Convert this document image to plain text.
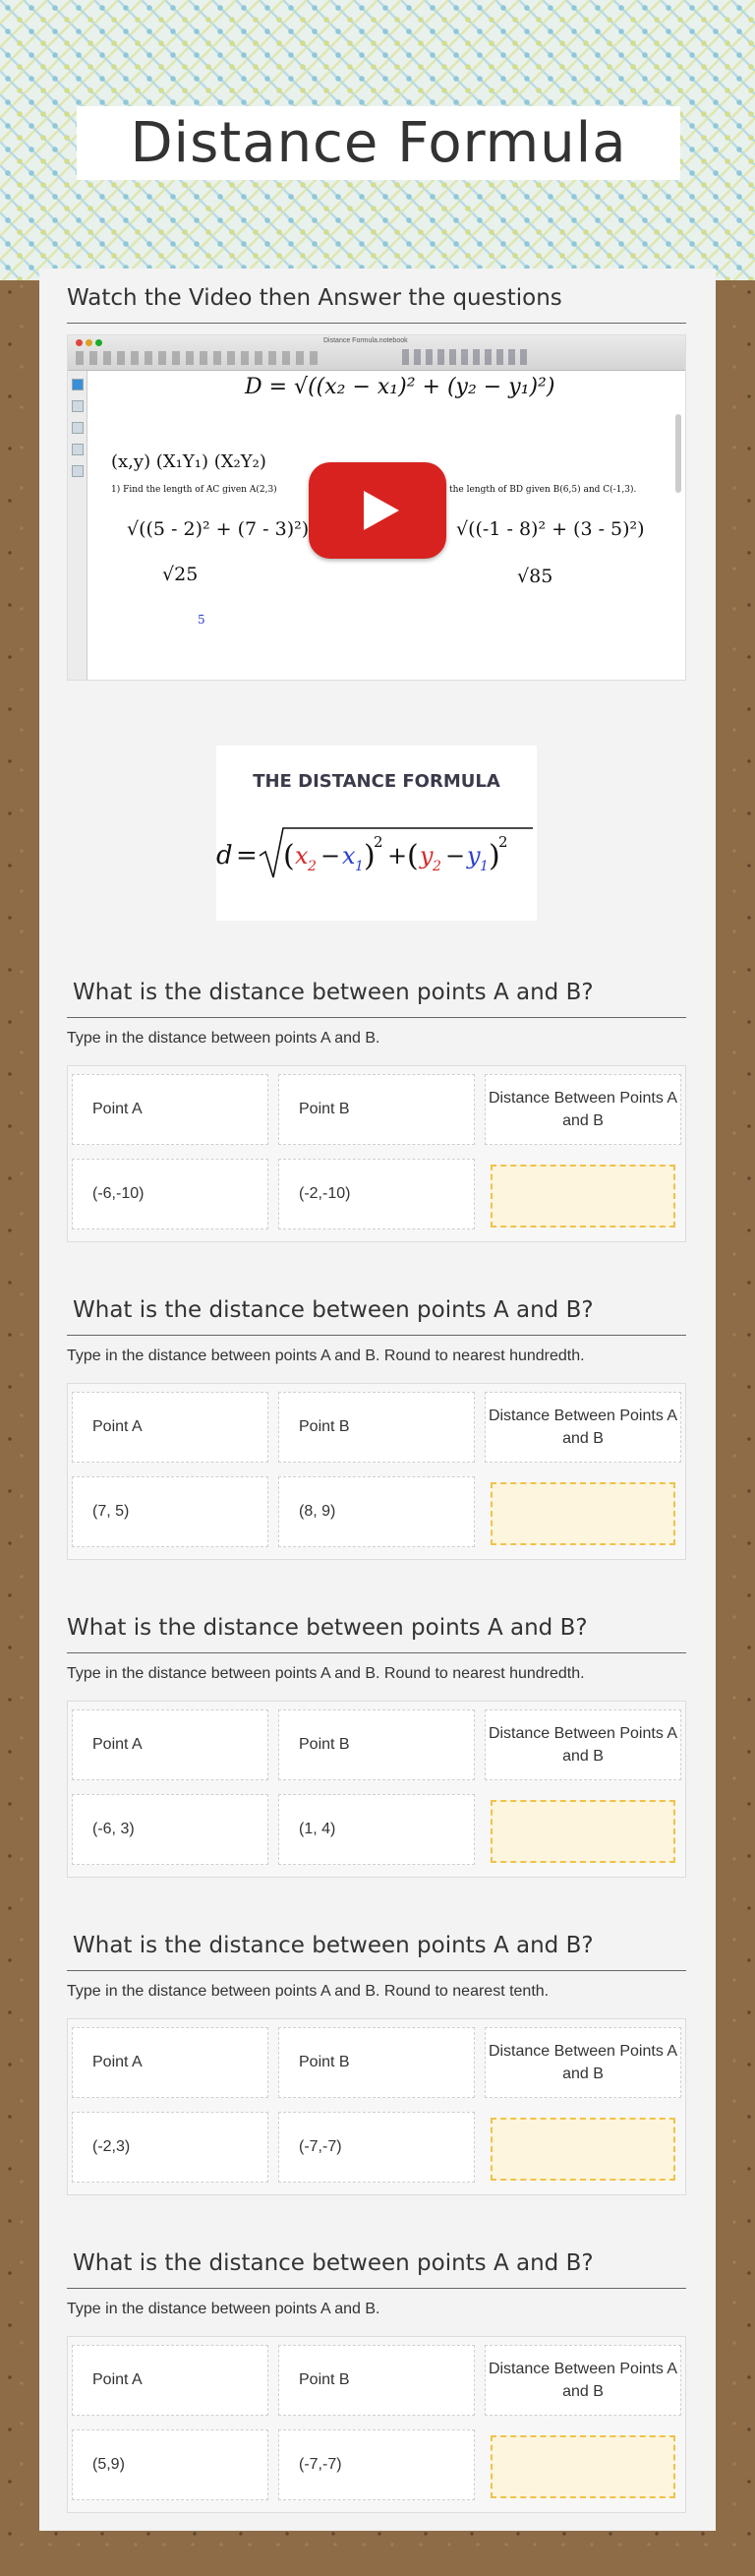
Distance Formula
Watch the Video then Answer the questions
Distance Formula.notebook
D = √((x₂ − x₁)² + (y₂ − y₁)²)
(x,y) (X₁Y₁) (X₂Y₂)
1) Find the length of AC given A(2,3)	the length of BD given B(6,5) and C(-1,3).
√((5 - 2)² + (7 - 3)²)
√25
5
√((-1 - 8)² + (3 - 5)²)
√85
THE DISTANCE FORMULA
d = ( x 2 − x 1 )
2 + ( y 2 − y 1 )
2
What is the distance between points A and B?
Type in the distance between points A and B.
Point A	Point B
Distance Between Points A and B
(-6,-10)	(-2,-10)
What is the distance between points A and B?
Type in the distance between points A and B. Round to nearest hundredth.
Point A	Point B
Distance Between Points A and B
(7, 5)	(8, 9)
What is the distance between points A and B?
Type in the distance between points A and B. Round to nearest hundredth.
Point A	Point B
Distance Between Points A and B
(-6, 3)	(1, 4)
What is the distance between points A and B?
Type in the distance between points A and B. Round to nearest tenth.
Point A	Point B
Distance Between Points A and B
(-2,3)	(-7,-7)
What is the distance between points A and B?
Type in the distance between points A and B.
Point A	Point B
Distance Between Points A and B
(5,9)	(-7,-7)
